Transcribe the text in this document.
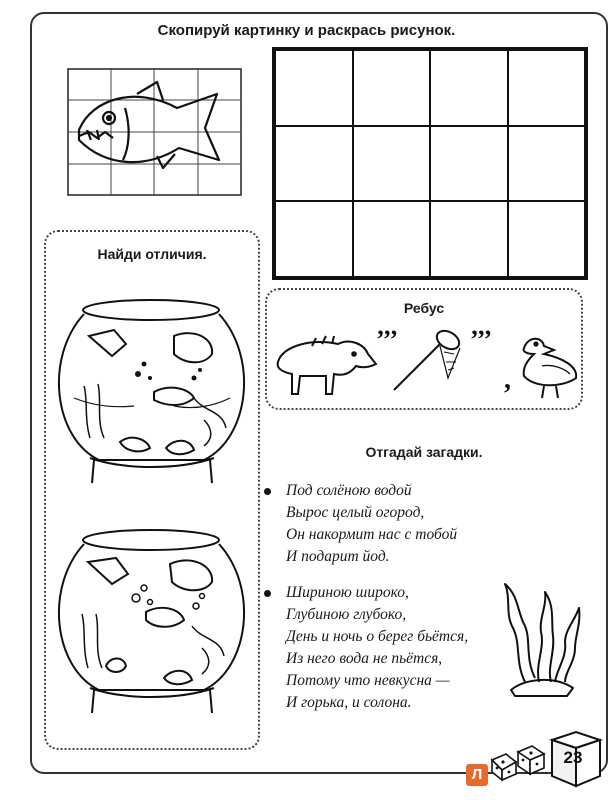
Скопируй картинку и раскрась рисунок.
Найди отличия.
Ребус
’’’	’’’
,
Отгадай загадки.
Под солёною водой
Вырос целый огород,
Он накормит нас с тобой
И подарит йод.
Шириною широко,
Глубиною глубоко,
День и ночь о берег бьётся,
Из него вода не пьётся,
Потому что невкусна —
И горька, и солона.
23
Л
